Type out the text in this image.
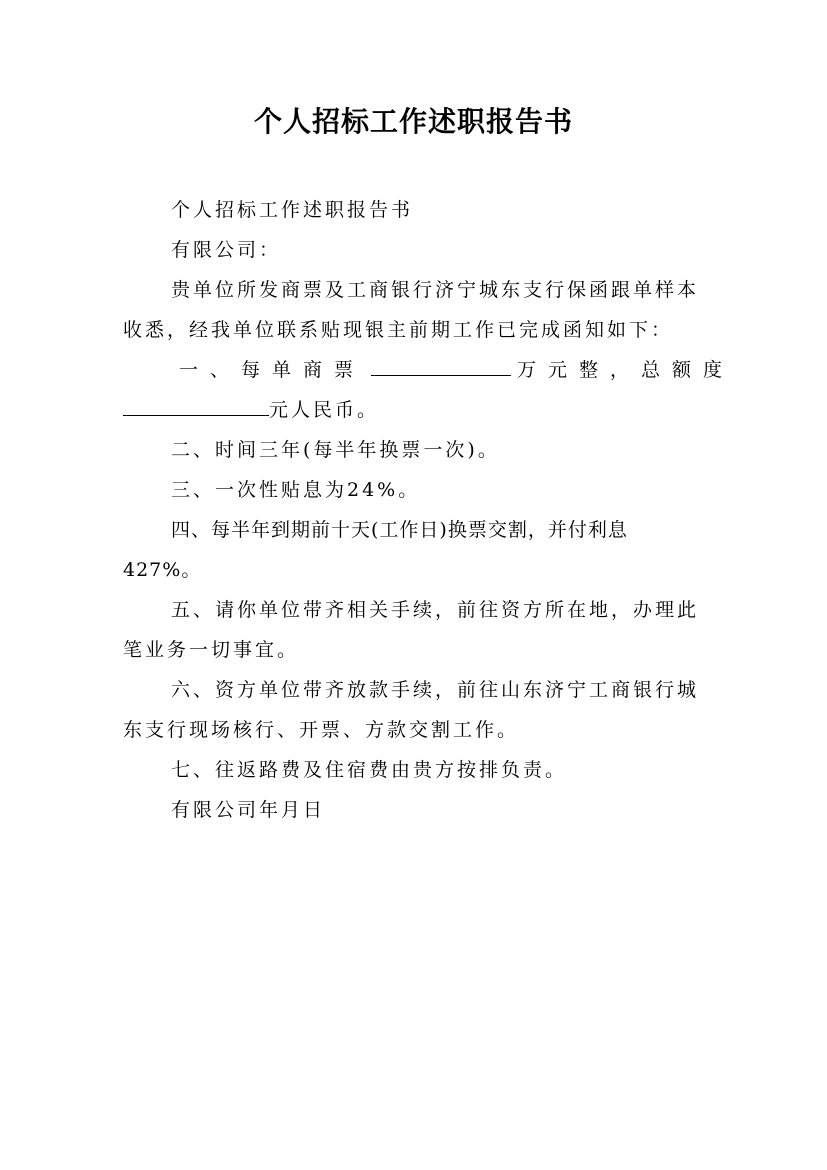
个人招标工作述职报告书

个人招标工作述职报告书

有限公司：

贵单位所发商票及工商银行济宁城东支行保函跟单样本收悉，经我单位联系贴现银主前期工作已完成函知如下：

一、每单商票	万元整，总额度

元人民币。

二、时间三年(每半年换票一次)。

三、一次性贴息为24%。

四、每半年到期前十天(工作日)换票交割，并付利息427%。

五、请你单位带齐相关手续，前往资方所在地，办理此笔业务一切事宜。

六、资方单位带齐放款手续，前往山东济宁工商银行城东支行现场核行、开票、方款交割工作。

七、往返路费及住宿费由贵方按排负责。

有限公司年月日
